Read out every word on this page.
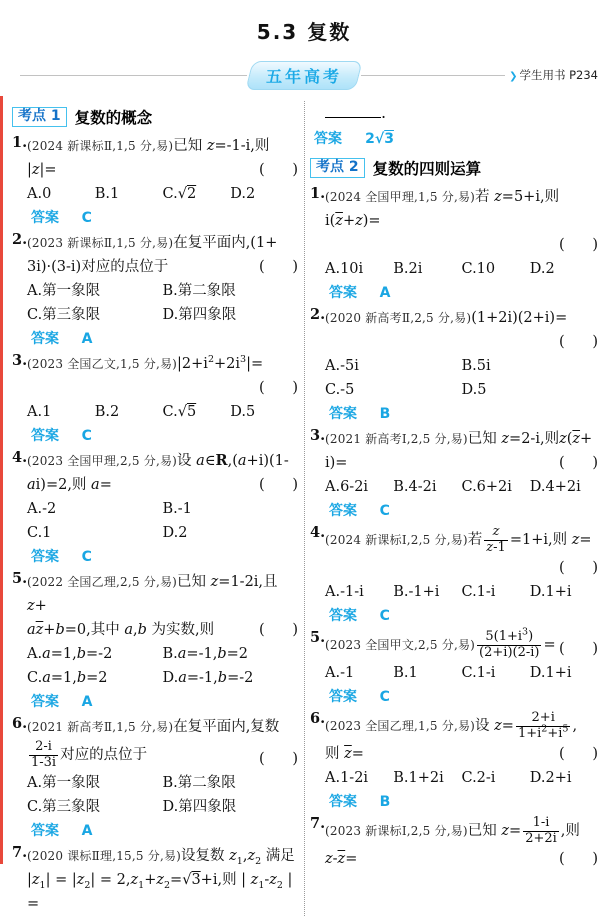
5.3 复数
五年高考	❯ 学生用书 P234
考点 1 复数的概念
1. (2024 新课标Ⅱ,1,5 分,易)已知 z=-1-i,则
|z|=	(      )
A.0	B.1	C.√2	D.2
答案 C
2. (2023 新课标Ⅱ,1,5 分,易)在复平面内,(1+
3i)·(3-i)对应的点位于	(      )
A.第一象限	B.第二象限
C.第三象限	D.第四象限
答案 A
3. (2023 全国乙文,1,5 分,易)$|2+i^2+2i^3|=$
(      )
A.1	B.2	C.√5	D.5
答案 C
4. (2023 全国甲理,2,5 分,易)设 a∈R,(a+i)(1-
ai)=2,则 a=	(      )
A.-2	B.-1
C.1	D.2
答案 C
5. (2022 全国乙理,2,5 分,易)已知 z=1-2i,且 z+
$a\overline{z}+b=0$,其中 a,b 为实数,则	(      )
A.a=1,b=-2	B.a=-1,b=2
C.a=1,b=2	D.a=-1,b=-2
答案 A
6. (2021 新高考Ⅱ,1,5 分,易)在复平面内,复数
$\frac{2-i}{1-3i}$ 对应的点位于	(      )
A.第一象限	B.第二象限
C.第三象限	D.第四象限
答案 A
7. (2020 课标Ⅱ理,15,5 分,易)设复数 $z_1,z_2$ 满足
$|z_1| = |z_2| = 2,z_1+z_2=√3+i$,则 | $z_1-z_2$ | =
.
答案 2√3
考点 2 复数的四则运算
1. (2024 全国甲理,1,5 分,易)若 z=5+i,则 $i(\overline{z}+z)=$
(      )
A.10i	B.2i	C.10	D.2
答案 A
2. (2020 新高考Ⅱ,2,5 分,易)(1+2i)(2+i)=
(      )
A.-5i	B.5i
C.-5	D.5
答案 B
3. (2021 新高考Ⅰ,2,5 分,易)已知 z=2-i,则$z(\overline{z}+$
i)=	(      )
A.6-2i	B.4-2i	C.6+2i	D.4+2i
答案 C
4. (2024 新课标Ⅰ,2,5 分,易)若 $\frac{z}{z-1} =1+i$,则 z=
(      )
A.-1-i	B.-1+i	C.1-i	D.1+i
答案 C
5. (2023 全国甲文,2,5 分,易) $\frac{5(1+i^3)}{(2+i)(2-i)}$ = (      )
A.-1	B.1	C.1-i	D.1+i
答案 C
6. (2023 全国乙理,1,5 分,易)设 $z= \frac{2+i}{1+i^2+i^5}$ ,
则 $\overline{z}=$	(      )
A.1-2i	B.1+2i	C.2-i	D.2+i
答案 B
7. (2023 新课标Ⅰ,2,5 分,易)已知 $z= \frac{1-i}{2+2i}$ ,则
$z-\overline{z}=$	(      )
